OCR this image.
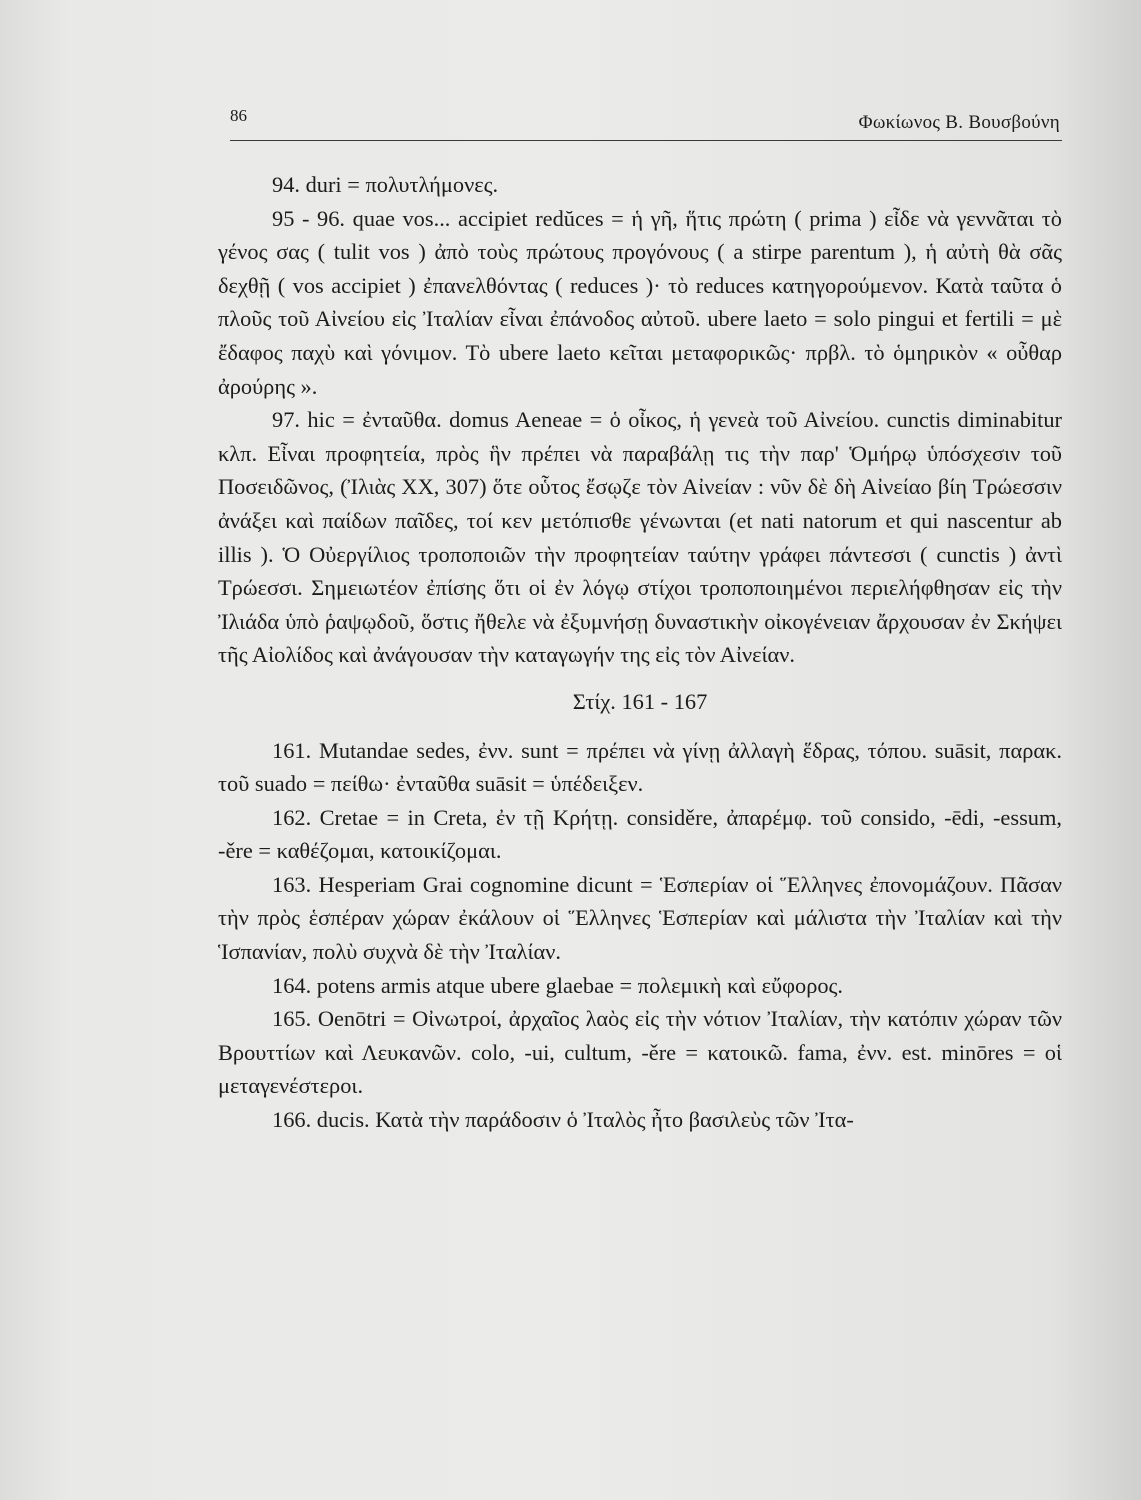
86	Φωκίωνος Β. Βουσβούνη

94. duri = πολυτλήμονες.

95 - 96. quae vos... accipiet redŭces = ἡ γῆ, ἥτις πρώτη ( prima ) εἶδε νὰ γεννᾶται τὸ γένος σας ( tulit vos ) ἀπὸ τοὺς πρώτους προγόνους ( a stirpe parentum ), ἡ αὐτὴ θὰ σᾶς δεχθῇ ( vos accipiet ) ἐπανελθόντας ( reduces )· τὸ reduces κατηγορούμενον. Κατὰ ταῦτα ὁ πλοῦς τοῦ Αἰνείου εἰς Ἰταλίαν εἶναι ἐπάνοδος αὐτοῦ. ubere laeto = solo pingui et fertili = μὲ ἔδαφος παχὺ καὶ γόνιμον. Τὸ ubere laeto κεῖται μεταφορικῶς· πρβλ. τὸ ὁμηρικὸν « οὖθαρ ἀρούρης ».

97. hic = ἐνταῦθα. domus Aeneae = ὁ οἶκος, ἡ γενεὰ τοῦ Αἰνείου. cunctis diminabitur κλπ. Εἶναι προφητεία, πρὸς ἣν πρέπει νὰ παραβάλῃ τις τὴν παρ' Ὁμήρῳ ὑπόσχεσιν τοῦ Ποσειδῶνος, (Ἰλιὰς ΧΧ, 307) ὅτε οὗτος ἔσῳζε τὸν Αἰνείαν : νῦν δὲ δὴ Αἰνείαο βίη Τρώεσσιν ἀνάξει καὶ παίδων παῖδες, τοί κεν μετόπισθε γένωνται (et nati natorum et qui nascentur ab illis ). Ὁ Οὐεργίλιος τροποποιῶν τὴν προφητείαν ταύτην γράφει πάντεσσι ( cunctis ) ἀντὶ Τρώεσσι. Σημειωτέον ἐπίσης ὅτι οἱ ἐν λόγῳ στίχοι τροποποιημένοι περιελήφθησαν εἰς τὴν Ἰλιάδα ὑπὸ ῥαψῳδοῦ, ὅστις ἤθελε νὰ ἐξυμνήσῃ δυναστικὴν οἰκογένειαν ἄρχουσαν ἐν Σκήψει τῆς Αἰολίδος καὶ ἀνάγουσαν τὴν καταγωγήν της εἰς τὸν Αἰνείαν.

Στίχ. 161 - 167

161. Mutandae sedes, ἐνν. sunt = πρέπει νὰ γίνῃ ἀλλαγὴ ἕδρας, τόπου. suāsit, παρακ. τοῦ suado = πείθω· ἐνταῦθα suāsit = ὑπέδειξεν.

162. Cretae = in Creta, ἐν τῇ Κρήτῃ. considěre, ἀπαρέμφ. τοῦ consido, -ēdi, -essum, -ěre = καθέζομαι, κατοικίζομαι.

163. Hesperiam Grai cognomine dicunt = Ἑσπερίαν οἱ Ἕλληνες ἐπονομάζουν. Πᾶσαν τὴν πρὸς ἑσπέραν χώραν ἐκάλουν οἱ Ἕλληνες Ἑσπερίαν καὶ μάλιστα τὴν Ἰταλίαν καὶ τὴν Ἱσπανίαν, πολὺ συχνὰ δὲ τὴν Ἰταλίαν.

164. potens armis atque ubere glaebae = πολεμικὴ καὶ εὔφορος.

165. Oenōtri = Οἰνωτροί, ἀρχαῖος λαὸς εἰς τὴν νότιον Ἰταλίαν, τὴν κατόπιν χώραν τῶν Βρουττίων καὶ Λευκανῶν. colo, -ui, cultum, -ěre = κατοικῶ. fama, ἐνν. est. minōres = οἱ μεταγενέστεροι.

166. ducis. Κατὰ τὴν παράδοσιν ὁ Ἰταλὸς ἦτο βασιλεὺς τῶν Ἰτα-
